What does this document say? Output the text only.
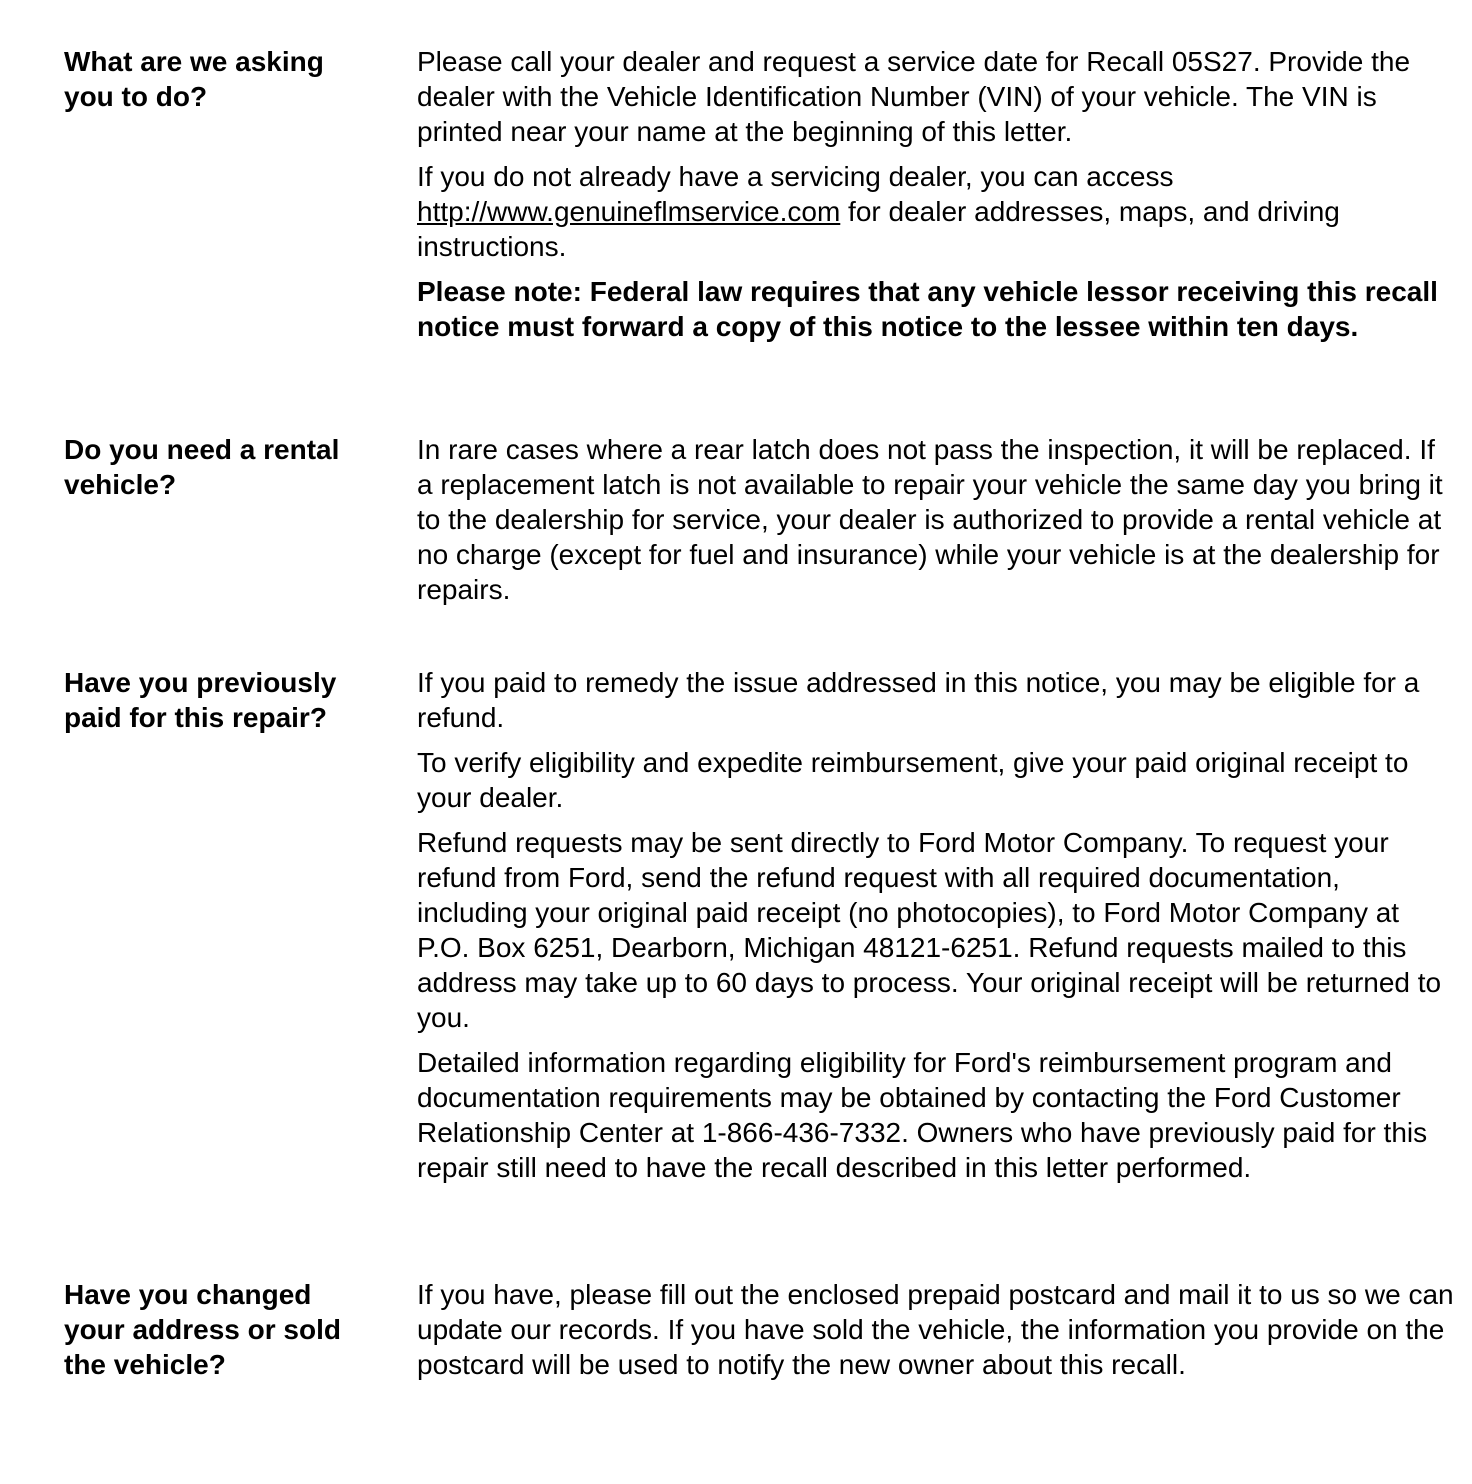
What are we asking
you to do?

Please call your dealer and request a service date for Recall 05S27. Provide the dealer with the Vehicle Identification Number (VIN) of your vehicle. The VIN is printed near your name at the beginning of this letter.

If you do not already have a servicing dealer, you can access http://www.genuineflmservice.com for dealer addresses, maps, and driving instructions.

Please note: Federal law requires that any vehicle lessor receiving this recall notice must forward a copy of this notice to the lessee within ten days.

Do you need a rental
vehicle?

In rare cases where a rear latch does not pass the inspection, it will be replaced. If a replacement latch is not available to repair your vehicle the same day you bring it to the dealership for service, your dealer is authorized to provide a rental vehicle at no charge (except for fuel and insurance) while your vehicle is at the dealership for repairs.

Have you previously
paid for this repair?

If you paid to remedy the issue addressed in this notice, you may be eligible for a refund.

To verify eligibility and expedite reimbursement, give your paid original receipt to your dealer.

Refund requests may be sent directly to Ford Motor Company. To request your refund from Ford, send the refund request with all required documentation, including your original paid receipt (no photocopies), to Ford Motor Company at P.O. Box 6251, Dearborn, Michigan 48121-6251. Refund requests mailed to this address may take up to 60 days to process. Your original receipt will be returned to you.

Detailed information regarding eligibility for Ford's reimbursement program and documentation requirements may be obtained by contacting the Ford Customer Relationship Center at 1-866-436-7332. Owners who have previously paid for this repair still need to have the recall described in this letter performed.

Have you changed
your address or sold
the vehicle?

If you have, please fill out the enclosed prepaid postcard and mail it to us so we can update our records. If you have sold the vehicle, the information you provide on the postcard will be used to notify the new owner about this recall.
